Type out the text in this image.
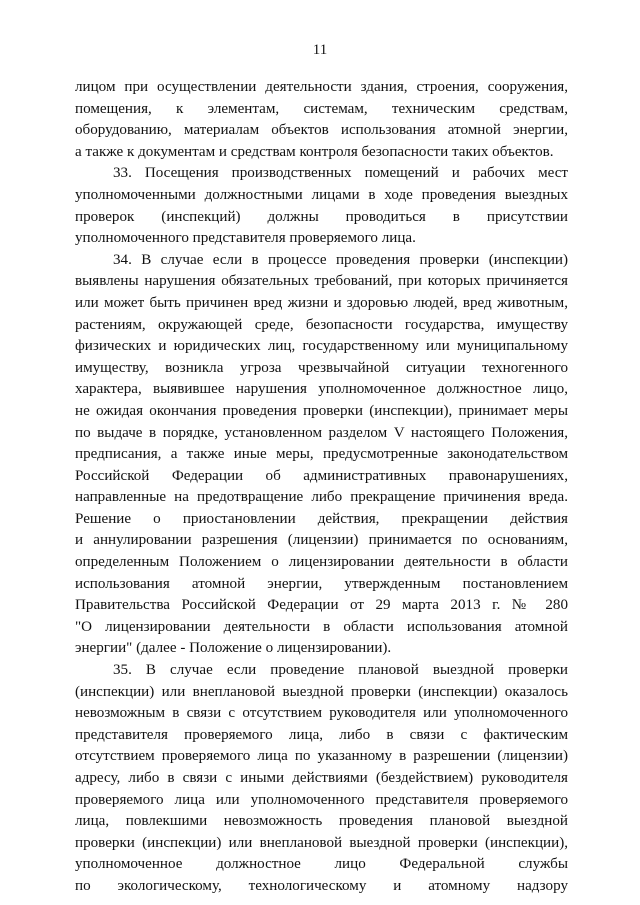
11
лицом при осуществлении деятельности здания, строения, сооружения,
помещения, к элементам, системам, техническим средствам,
оборудованию, материалам объектов использования атомной энергии,
а также к документам и средствам контроля безопасности таких объектов.
33. Посещения производственных помещений и рабочих мест
уполномоченными должностными лицами в ходе проведения выездных
проверок (инспекций) должны проводиться в присутствии
уполномоченного представителя проверяемого лица.
34. В случае если в процессе проведения проверки (инспекции)
выявлены нарушения обязательных требований, при которых причиняется
или может быть причинен вред жизни и здоровью людей, вред животным,
растениям, окружающей среде, безопасности государства, имуществу
физических и юридических лиц, государственному или муниципальному
имуществу, возникла угроза чрезвычайной ситуации техногенного
характера, выявившее нарушения уполномоченное должностное лицо,
не ожидая окончания проведения проверки (инспекции), принимает меры
по выдаче в порядке, установленном разделом V настоящего Положения,
предписания, а также иные меры, предусмотренные законодательством
Российской Федерации об административных правонарушениях,
направленные на предотвращение либо прекращение причинения вреда.
Решение о приостановлении действия, прекращении действия
и аннулировании разрешения (лицензии) принимается по основаниям,
определенным Положением о лицензировании деятельности в области
использования атомной энергии, утвержденным постановлением
Правительства Российской Федерации от 29 марта 2013 г. № 280
"О лицензировании деятельности в области использования атомной
энергии" (далее - Положение о лицензировании).
35. В случае если проведение плановой выездной проверки
(инспекции) или внеплановой выездной проверки (инспекции) оказалось
невозможным в связи с отсутствием руководителя или уполномоченного
представителя проверяемого лица, либо в связи с фактическим
отсутствием проверяемого лица по указанному в разрешении (лицензии)
адресу, либо в связи с иными действиями (бездействием) руководителя
проверяемого лица или уполномоченного представителя проверяемого
лица, повлекшими невозможность проведения плановой выездной
проверки (инспекции) или внеплановой выездной проверки (инспекции),
уполномоченное должностное лицо Федеральной службы
по экологическому, технологическому и атомному надзору
